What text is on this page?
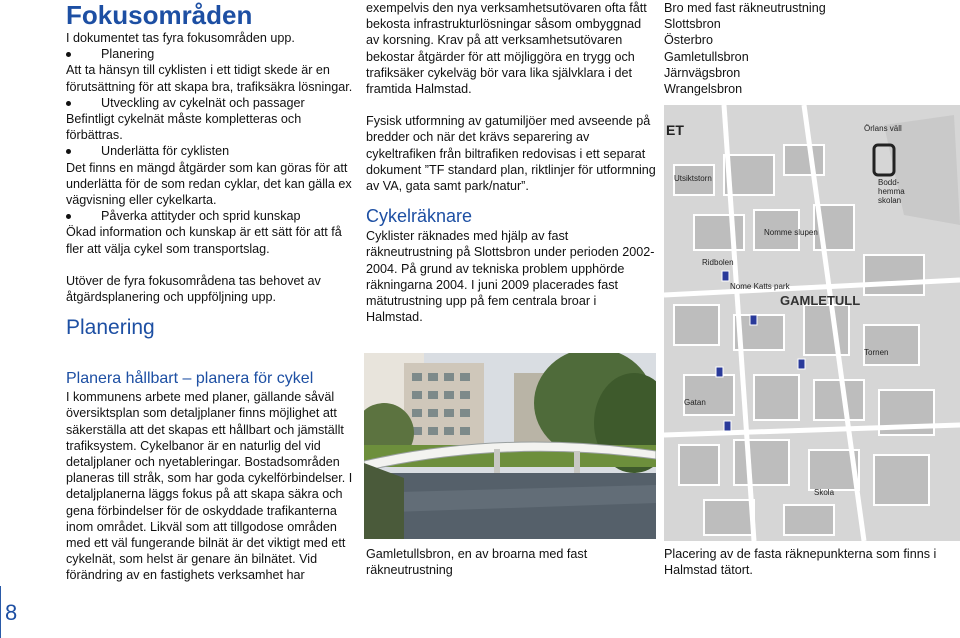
Fokusområden

I dokumentet tas fyra fokusområden upp.

Planering
Att ta hänsyn till cyklisten i ett tidigt skede är en förutsättning för att skapa bra, trafiksäkra lösningar.
Utveckling av cykelnät och passager
Befintligt cykelnät måste kompletteras och förbättras.
Underlätta för cyklisten
Det finns en mängd åtgärder som kan göras för att underlätta för de som redan cyklar, det kan gälla ex vägvisning eller cykelkarta.
Påverka attityder och sprid kunskap
Ökad information och kunskap är ett sätt för att få fler att välja cykel som transportslag.

Utöver de fyra fokusområdena tas behovet av åtgärdsplanering och uppföljning upp.

Planering
Planera hållbart – planera för cykel

I kommunens arbete med planer, gällande såväl översiktsplan som detaljplaner finns möjlighet att säkerställa att det skapas ett hållbart och jämställt trafiksystem. Cykelbanor är en naturlig del vid detaljplaner och nyetableringar. Bostadsområden planeras till stråk, som har goda cykelförbindelser. I detaljplanerna läggs fokus på att skapa säkra och gena förbindelser för de oskyddade trafikanterna inom området. Likväl som att tillgodose områden med ett väl fungerande bilnät är det viktigt med ett cykelnät, som helst är genare än bilnätet. Vid förändring av en fastighets verksamhet har

exempelvis den nya verksamhetsutövaren ofta fått bekosta infrastrukturlösningar såsom ombyggnad av korsning. Krav på att verksamhetsutövaren bekostar åtgärder för att möjliggöra en trygg och trafiksäker cykelväg bör vara lika självklara i det framtida Halmstad.

Fysisk utformning av gatumiljöer med avseende på bredder och när det krävs separering av cykeltrafiken från biltrafiken redovisas i ett separat dokument ”TF standard plan, riktlinjer för utformning av VA, gata samt park/natur”.

Cykelräknare

Cyklister räknades med hjälp av fast räkneutrustning på Slottsbron under perioden 2002-2004. På grund av tekniska problem upphörde räkningarna 2004. I juni 2009 placerades fast mätutrustning upp på fem centrala broar i Halmstad.

Gamletullsbron, en av broarna med fast räkneutrustning

Bro med fast räkneutrustning

Slottsbron

Österbro

Gamletullsbron

Järnvägsbron

Wrangelsbron

ET	Örlans väll
Utsiktstorn	Bodd-
hemma
skolan
Nomme slupen
Ridbolen
Nome Katts park
GAMLETULL
Tornen
Gatan
Skola
Placering av de fasta räknepunkterna som finns i Halmstad tätort.
8
